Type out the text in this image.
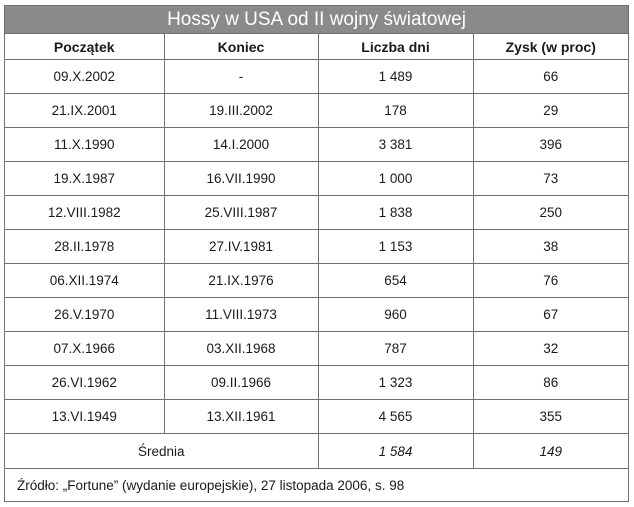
Hossy w USA od II wojny światowej
Początek	Koniec	Liczba dni	Zysk (w proc)
09.X.2002	-	1 489	66
21.IX.2001	19.III.2002	178	29
11.X.1990	14.I.2000	3 381	396
19.X.1987	16.VII.1990	1 000	73
12.VIII.1982	25.VIII.1987	1 838	250
28.II.1978	27.IV.1981	1 153	38
06.XII.1974	21.IX.1976	654	76
26.V.1970	11.VIII.1973	960	67
07.X.1966	03.XII.1968	787	32
26.VI.1962	09.II.1966	1 323	86
13.VI.1949	13.XII.1961	4 565	355
Średnia		1 584	149
Źródło: „Fortune” (wydanie europejskie), 27 listopada 2006, s. 98
